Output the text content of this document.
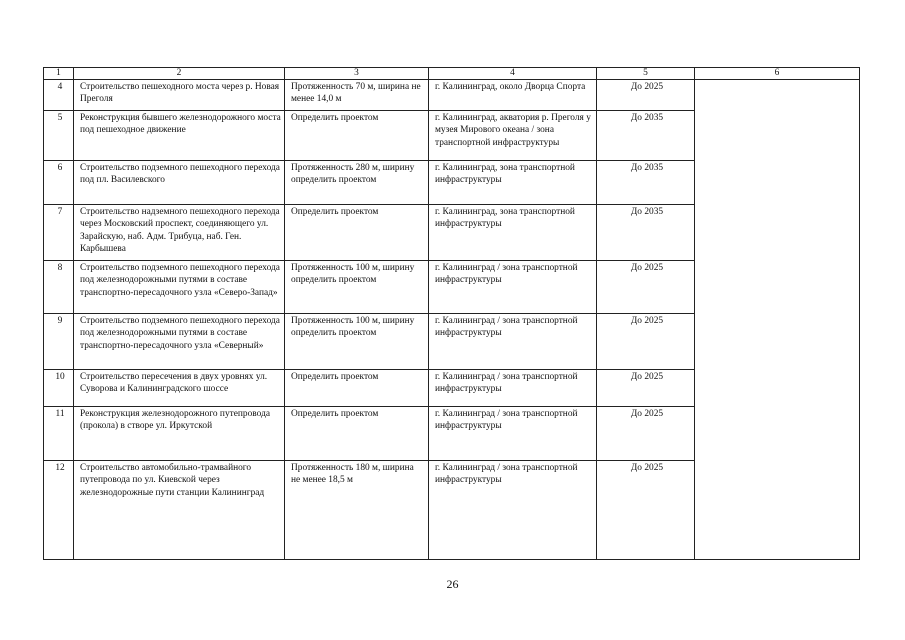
1	2	3	4	5	6
4	Строительство пешеходного моста через р. Новая Преголя	Протяженность 70 м, ширина не менее 14,0 м	г. Калининград, около Дворца Спорта	До 2025	
5	Реконструкция бывшего железнодорожного моста под пешеходное движение	Определить проектом	г. Калининград, акватория р. Преголя у музея Мирового океана / зона транспортной инфраструктуры	До 2035	
6	Строительство подземного пешеходного перехода под пл. Василевского	Протяженность 280 м, ширину определить проектом	г. Калининград, зона транспортной инфраструктуры	До 2035	
7	Строительство надземного пешеходного перехода через Московский проспект, соединяющего ул. Зарайскую, наб. Адм. Трибуца, наб. Ген. Карбышева	Определить проектом	г. Калининград, зона транспортной инфраструктуры	До 2035	
8	Строительство подземного пешеходного перехода под железнодорожными путями в составе транспортно-пересадочного узла «Северо-Запад»	Протяженность 100 м, ширину определить проектом	г. Калининград / зона транспортной инфраструктуры	До 2025	
9	Строительство подземного пешеходного перехода под железнодорожными путями в составе транспортно-пересадочного узла «Северный»	Протяженность 100 м, ширину определить проектом	г. Калининград / зона транспортной инфраструктуры	До 2025	
10	Строительство пересечения в двух уровнях ул. Суворова и Калининградского шоссе	Определить проектом	г. Калининград / зона транспортной инфраструктуры	До 2025	
11	Реконструкция железнодорожного путепровода (прокола) в створе ул. Иркутской	Определить проектом	г. Калининград / зона транспортной инфраструктуры	До 2025	
12	Строительство автомобильно-трамвайного путепровода по ул. Киевской через железнодорожные пути станции Калининград	Протяженность 180 м, ширина не менее 18,5 м	г. Калининград / зона транспортной инфраструктуры	До 2025	
26
